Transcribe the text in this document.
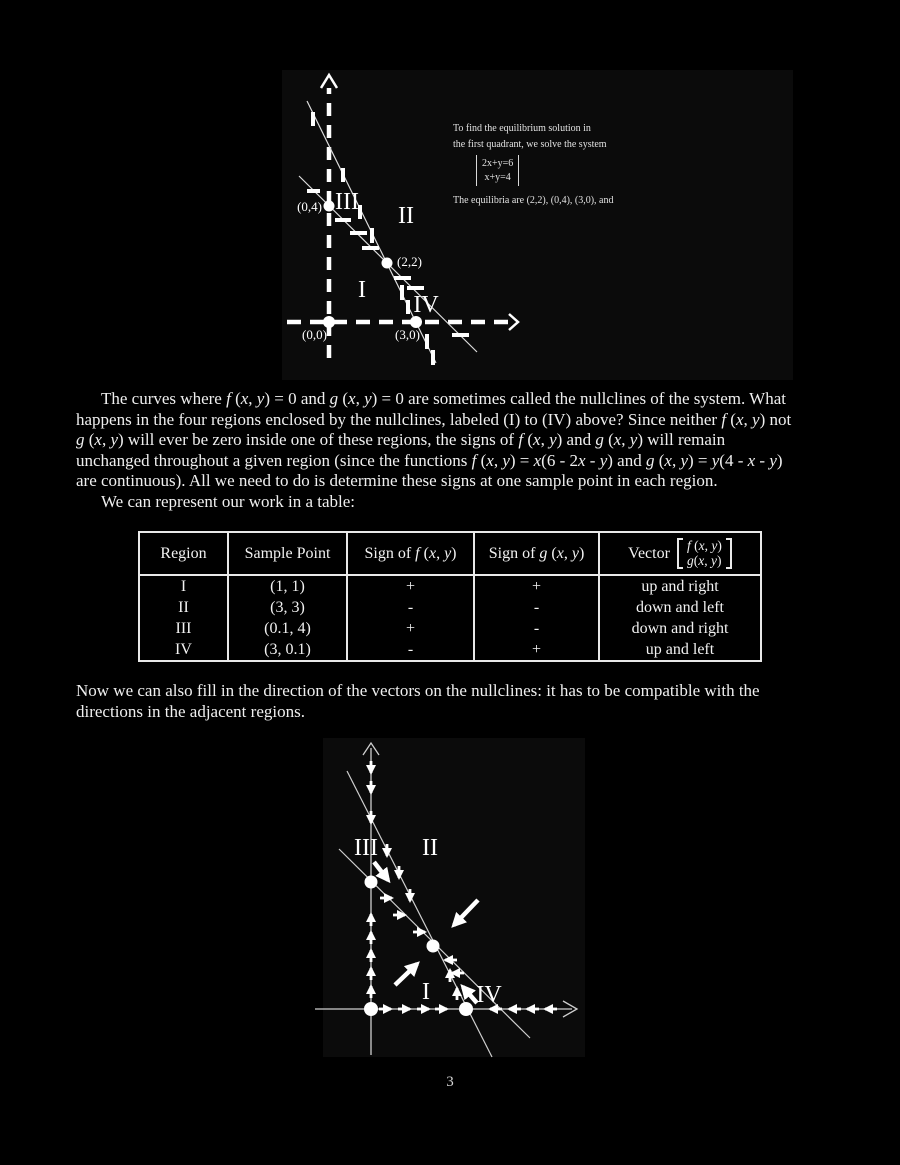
(0,4)
(2,2)
(0,0)	(3,0)
I
II
III
IV
To find the equilibrium solution in
the first quadrant, we solve the system
2x+y=6
x+y=4
The equilibria are (2,2), (0,4), (3,0), and
The curves where f (x, y) = 0 and g (x, y) = 0 are sometimes called the nullclines of the system. What
happens in the four regions enclosed by the nullclines, labeled (I) to (IV) above? Since neither f (x, y) not
g (x, y) will ever be zero inside one of these regions, the signs of f (x, y) and g (x, y) will remain
unchanged throughout a given region (since the functions f (x, y) = x(6 - 2x - y) and g (x, y) = y(4 - x - y)
are continuous). All we need to do is determine these signs at one sample point in each region.
We can represent our work in a table:
Region	Sample Point	Sign of f (x, y)	Sign of g (x, y)	Vector f (x, y)
g(x, y)

I	(1, 1)	+	+	up and right
II	(3, 3)	-	-	down and left
III	(0.1, 4)	+	-	down and right
IV	(3, 0.1)	-	+	up and left
Now we can also fill in the direction of the vectors on the nullclines: it has to be compatible with the
directions in the adjacent regions.
III II
I IV
3
